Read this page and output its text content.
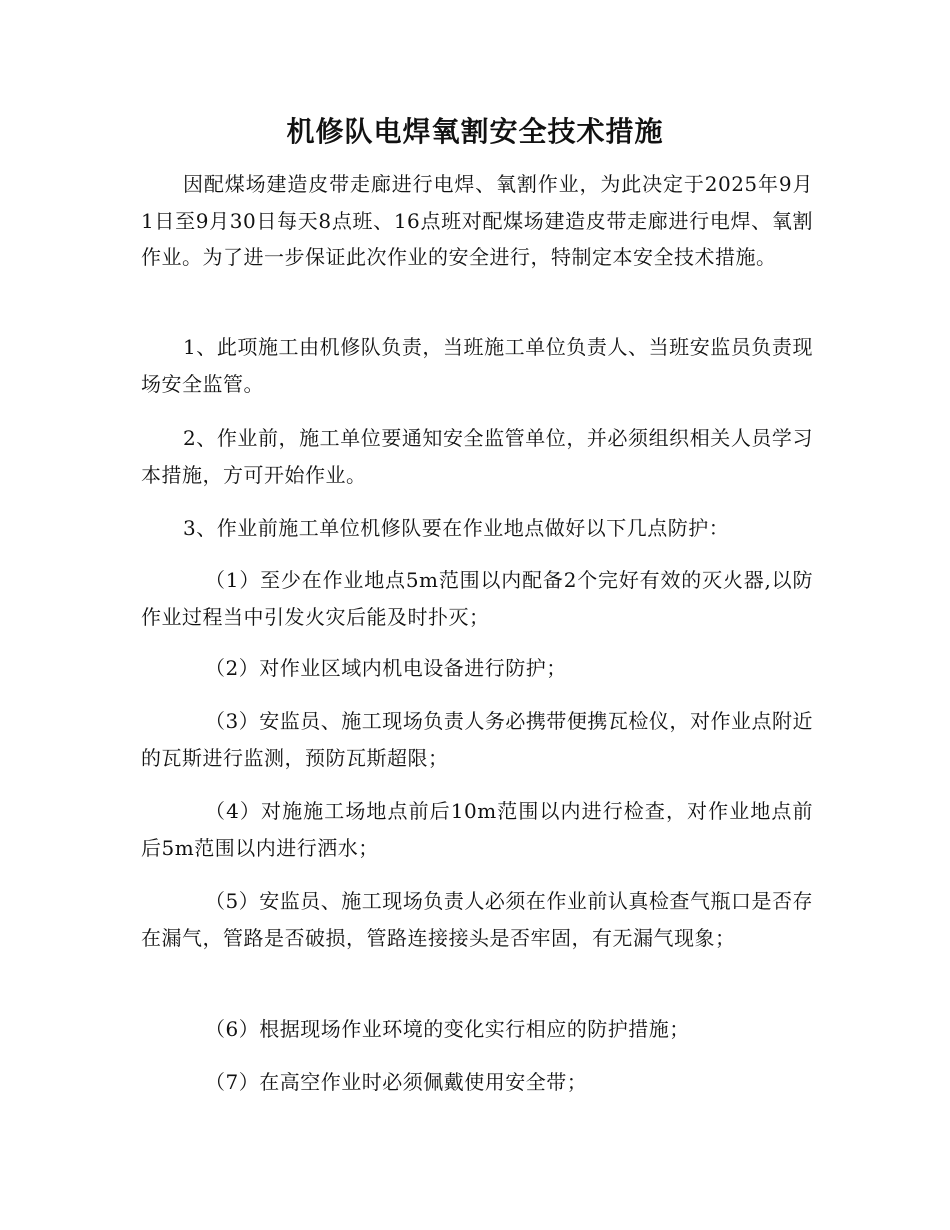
机修队电焊氧割安全技术措施

因配煤场建造皮带走廊进行电焊、氧割作业，为此决定于2025年9月1日至9月30日每天8点班、16点班对配煤场建造皮带走廊进行电焊、氧割作业。为了进一步保证此次作业的安全进行，特制定本安全技术措施。

1、此项施工由机修队负责，当班施工单位负责人、当班安监员负责现场安全监管。

2、作业前，施工单位要通知安全监管单位，并必须组织相关人员学习本措施，方可开始作业。

3、作业前施工单位机修队要在作业地点做好以下几点防护：

（1）至少在作业地点5m范围以内配备2个完好有效的灭火器,以防作业过程当中引发火灾后能及时扑灭；

（2）对作业区域内机电设备进行防护；

（3）安监员、施工现场负责人务必携带便携瓦检仪，对作业点附近的瓦斯进行监测，预防瓦斯超限；

（4）对施施工场地点前后10m范围以内进行检查，对作业地点前后5m范围以内进行洒水；

（5）安监员、施工现场负责人必须在作业前认真检查气瓶口是否存在漏气，管路是否破损，管路连接接头是否牢固，有无漏气现象；

（6）根据现场作业环境的变化实行相应的防护措施；

（7）在高空作业时必须佩戴使用安全带；
